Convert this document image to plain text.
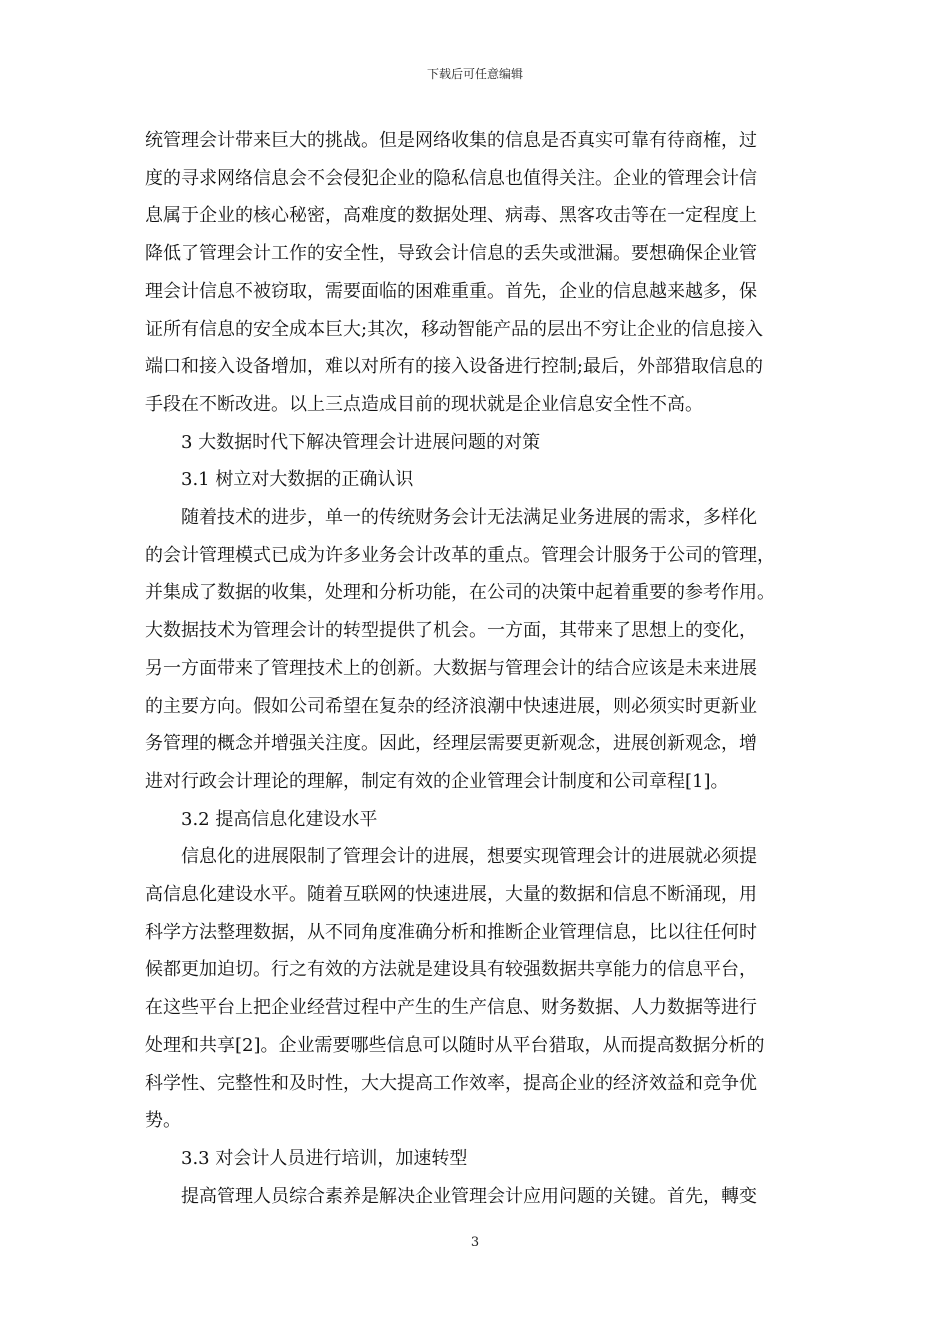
下载后可任意编辑

统管理会计带来巨大的挑战。但是网络收集的信息是否真实可靠有待商榷，过
度的寻求网络信息会不会侵犯企业的隐私信息也值得关注。企业的管理会计信
息属于企业的核心秘密，高难度的数据处理、病毒、黑客攻击等在一定程度上
降低了管理会计工作的安全性，导致会计信息的丢失或泄漏。要想确保企业管
理会计信息不被窃取，需要面临的困难重重。首先，企业的信息越来越多，保
证所有信息的安全成本巨大;其次，移动智能产品的层出不穷让企业的信息接入
端口和接入设备增加，难以对所有的接入设备进行控制;最后，外部猎取信息的
手段在不断改进。以上三点造成目前的现状就是企业信息安全性不高。

3 大数据时代下解决管理会计进展问题的对策

3.1 树立对大数据的正确认识

随着技术的进步，单一的传统财务会计无法满足业务进展的需求，多样化
的会计管理模式已成为许多业务会计改革的重点。管理会计服务于公司的管理，
并集成了数据的收集，处理和分析功能，在公司的决策中起着重要的参考作用。
大数据技术为管理会计的转型提供了机会。一方面，其带来了思想上的变化，
另一方面带来了管理技术上的创新。大数据与管理会计的结合应该是未来进展
的主要方向。假如公司希望在复杂的经济浪潮中快速进展，则必须实时更新业
务管理的概念并增强关注度。因此，经理层需要更新观念，进展创新观念，增
进对行政会计理论的理解，制定有效的企业管理会计制度和公司章程[1]。

3.2 提高信息化建设水平

信息化的进展限制了管理会计的进展，想要实现管理会计的进展就必须提
高信息化建设水平。随着互联网的快速进展，大量的数据和信息不断涌现，用
科学方法整理数据，从不同角度准确分析和推断企业管理信息，比以往任何时
候都更加迫切。行之有效的方法就是建设具有较强数据共享能力的信息平台，
在这些平台上把企业经营过程中产生的生产信息、财务数据、人力数据等进行
处理和共享[2]。企业需要哪些信息可以随时从平台猎取，从而提高数据分析的
科学性、完整性和及时性，大大提高工作效率，提高企业的经济效益和竞争优
势。

3.3 对会计人员进行培训，加速转型

提高管理人员综合素养是解决企业管理会计应用问题的关键。首先，轉变

3
